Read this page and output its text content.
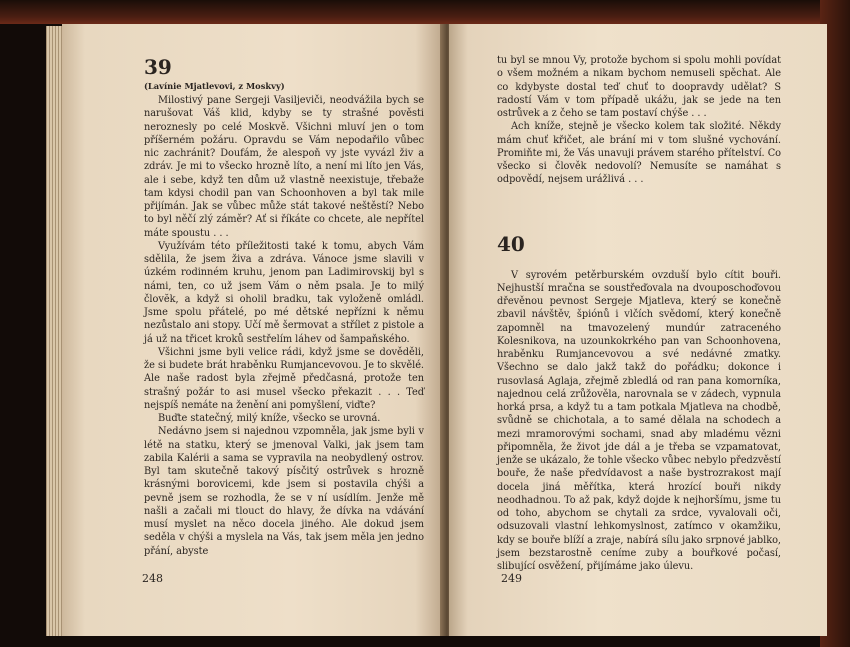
39
(Lavínie Mjatlevovi, z Moskvy)

Milostivý pane Sergeji Vasiljeviči, neodvážila bych se narušovat Váš klid, kdyby se ty strašné pověsti neroznesly po celé Moskvě. Všichni mluví jen o tom příšerném požáru. Opravdu se Vám nepodařilo vůbec nic zachránit? Doufám, že alespoň vy jste vyvázl živ a zdráv. Je mi to všecko hrozně líto, a není mi líto jen Vás, ale i sebe, když ten dům už vlastně neexistuje, třebaže tam kdysi chodil pan van Schoonhoven a byl tak mile přijímán. Jak se vůbec může stát takové neštěstí? Nebo to byl něčí zlý záměr? Ať si říkáte co chcete, ale nepřítel máte spoustu . . .

Využívám této příležitosti také k tomu, abych Vám sdělila, že jsem živa a zdráva. Vánoce jsme slavili v úzkém rodinném kruhu, jenom pan Ladimirovskij byl s námi, ten, co už jsem Vám o něm psala. Je to milý človĕk, a když si oholil bradku, tak vyloženě omládl. Jsme spolu přátelé, po mé dětské nepřízni k němu nezůstalo ani stopy. Učí mě šermovat a střílet z pistole a já už na třicet kroků sestřelím láhev od šampaňského.

Všichni jsme byli velice rádi, když jsme se dověděli, že si budete brát hraběnku Rumjancevovou. Je to skvělé. Ale naše radost byla zřejmě předčasná, protože ten strašný požár to asi musel všecko překazit . . . Teď nejspíš nemáte na ženění ani pomyšlení, viďte?

Buďte statečný, milý kníže, všecko se urovná.

Nedávno jsem si najednou vzpomněla, jak jsme byli v létě na statku, který se jmenoval Valki, jak jsem tam zabila Kalérii a sama se vypravila na neobydlený ostrov. Byl tam skutečně takový písčitý ostrůvek s hrozně krásnými borovicemi, kde jsem si postavila chýši a pevně jsem se rozhodla, že se v ní usídlím. Jenže mě našli a začali mi tlouct do hlavy, že dívka na vdávání musí myslet na něco docela jiného. Ale dokud jsem seděla v chýši a myslela na Vás, tak jsem měla jen jedno přání, abyste

248

tu byl se mnou Vy, protože bychom si spolu mohli povídat o všem možném a nikam bychom nemuseli spěchat. Ale co kdybyste dostal teď chuť to doopravdy udělat? S radostí Vám v tom případě ukážu, jak se jede na ten ostrůvek a z čeho se tam postaví chýše . . .

Ach kníže, stejně je všecko kolem tak složité. Někdy mám chuť křičet, ale brání mi v tom slušné vychování. Promiňte mi, že Vás unavuji právem starého přítelství. Co všecko si člověk nedovolí? Nemusíte se namáhat s odpovědí, nejsem urážlivá . . .

40

V syrovém petěrburském ovzduší bylo cítit bouři. Nejhustší mračna se soustřeďovala na dvouposchoďovou dřevěnou pevnost Sergeje Mjatleva, který se konečně zbavil návštěv, špiónů i vlčích svědomí, který konečně zapomněl na tmavozelený mundúr zatraceného Kolesnikova, na uzounkokrkého pan van Schoonhovena, hraběnku Rumjancevovou a své nedávné zmatky. Všechno se dalo jakž takž do pořádku; dokonce i rusovlasá Aglaja, zřejmě zbledlá od ran pana komorníka, najednou celá zrůžověla, narovnala se v zádech, vypnula horká prsa, a když tu a tam potkala Mjatleva na chodbě, svůdně se chichotala, a to samé dělala na schodech a mezi mramorovými sochami, snad aby mladému vězni připomněla, že život jde dál a je třeba se vzpamatovat, jenže se ukázalo, že tohle všecko vůbec nebylo předzvěstí bouře, že naše předvídavost a naše bystrozrakost mají docela jiná měřítka, která hrozící bouři nikdy neodhadnou. To až pak, když dojde k nejhoršímu, jsme tu od toho, abychom se chytali za srdce, vyvalovali oči, odsuzovali vlastní lehkomyslnost, zatímco v okamžiku, kdy se bouře blíží a zraje, nabírá sílu jako srpnové jablko, jsem bezstarostně ceníme zuby a bouřkové počasí, slibující osvěžení, přijímáme jako úlevu.

249
